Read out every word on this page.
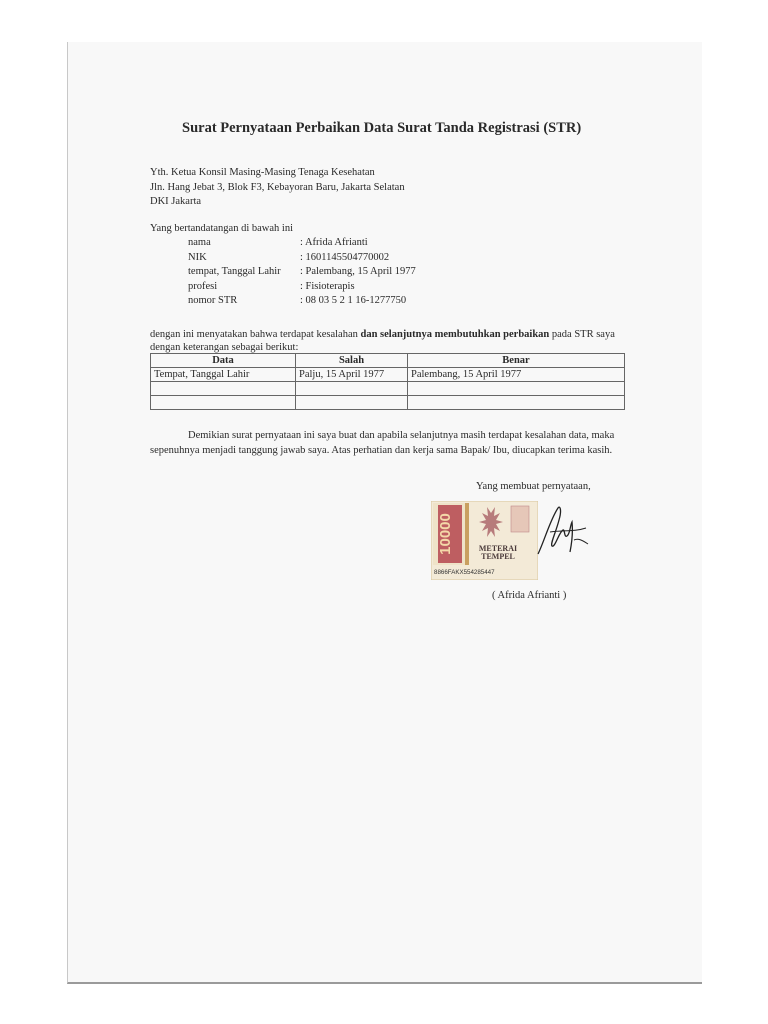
Surat Pernyataan Perbaikan Data Surat Tanda Registrasi (STR)
Yth. Ketua Konsil Masing-Masing Tenaga Kesehatan
Jln. Hang Jebat 3, Blok F3, Kebayoran Baru, Jakarta Selatan
DKI Jakarta
Yang bertandatangan di bawah ini
nama	: Afrida Afrianti
NIK	: 1601145504770002
tempat, Tanggal Lahir	: Palembang, 15 April 1977
profesi	: Fisioterapis
nomor STR	: 08 03 5 2 1 16-1277750
dengan ini menyatakan bahwa terdapat kesalahan dan selanjutnya membutuhkan perbaikan pada STR saya dengan keterangan sebagai berikut:
Data	Salah	Benar
Tempat, Tanggal Lahir	Palju, 15 April 1977	Palembang, 15 April 1977

Demikian surat pernyataan ini saya buat dan apabila selanjutnya masih terdapat kesalahan data, maka sepenuhnya menjadi tanggung jawab saya. Atas perhatian dan kerja sama Bapak/ Ibu, diucapkan terima kasih.
Yang membuat pernyataan,
10000	METERAI
TEMPEL
8866FAKX554285447
( Afrida Afrianti )
